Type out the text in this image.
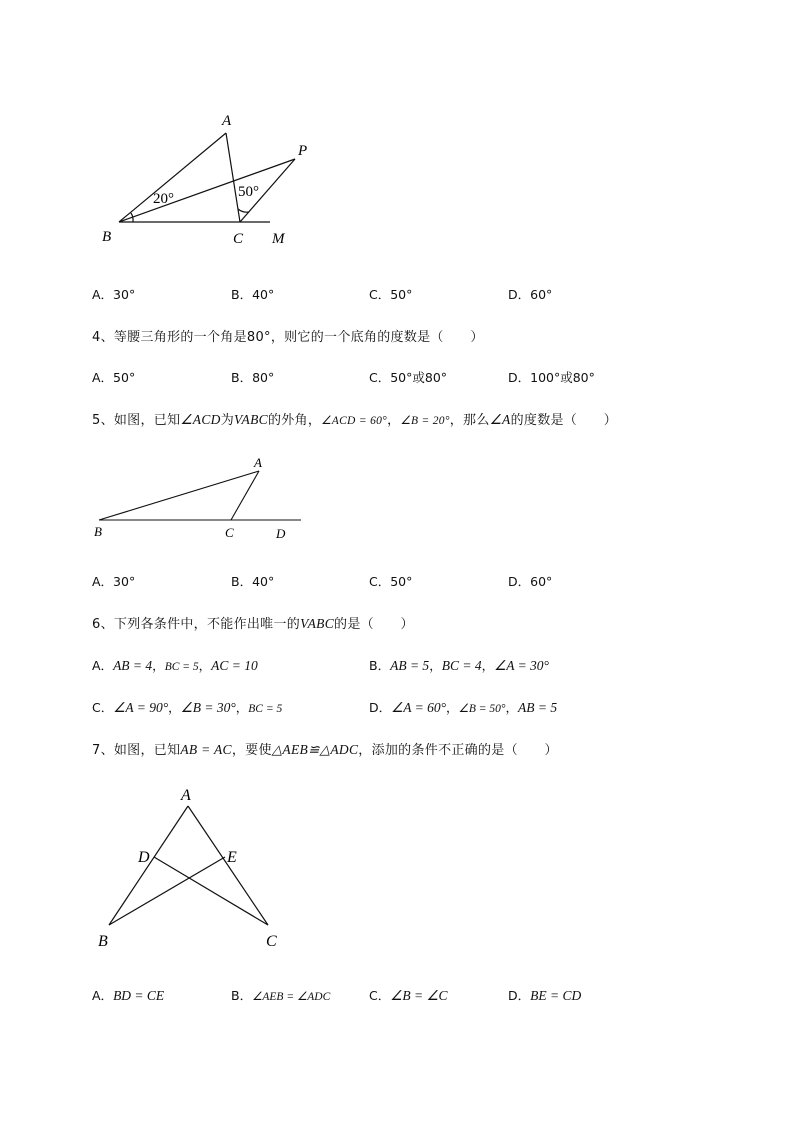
A
P
B	C M
20°	50°
A．30°	B．40°	C．50°	D．60°
4、等腰三角形的一个角是80°，则它的一个底角的度数是（　　）
A．50°	B．80°	C．50°或80°	D．100°或80°
5、如图，已知∠ACD为VABC的外角，∠ACD = 60°，∠B = 20°，那么∠A的度数是（　　）
A
B	C	D
A．30°	B．40°	C．50°	D．60°
6、下列各条件中，不能作出唯一的VABC的是（　　）
A．AB = 4，BC = 5，AC = 10	B．AB = 5，BC = 4，∠A = 30°
C．∠A = 90°，∠B = 30°，BC = 5	D．∠A = 60°，∠B = 50°，AB = 5
7、如图，已知AB = AC，要使△AEB≌△ADC，添加的条件不正确的是（　　）
A
D	E
B	C
A．BD = CE	B．∠AEB = ∠ADC	C．∠B = ∠C	D．BE = CD
